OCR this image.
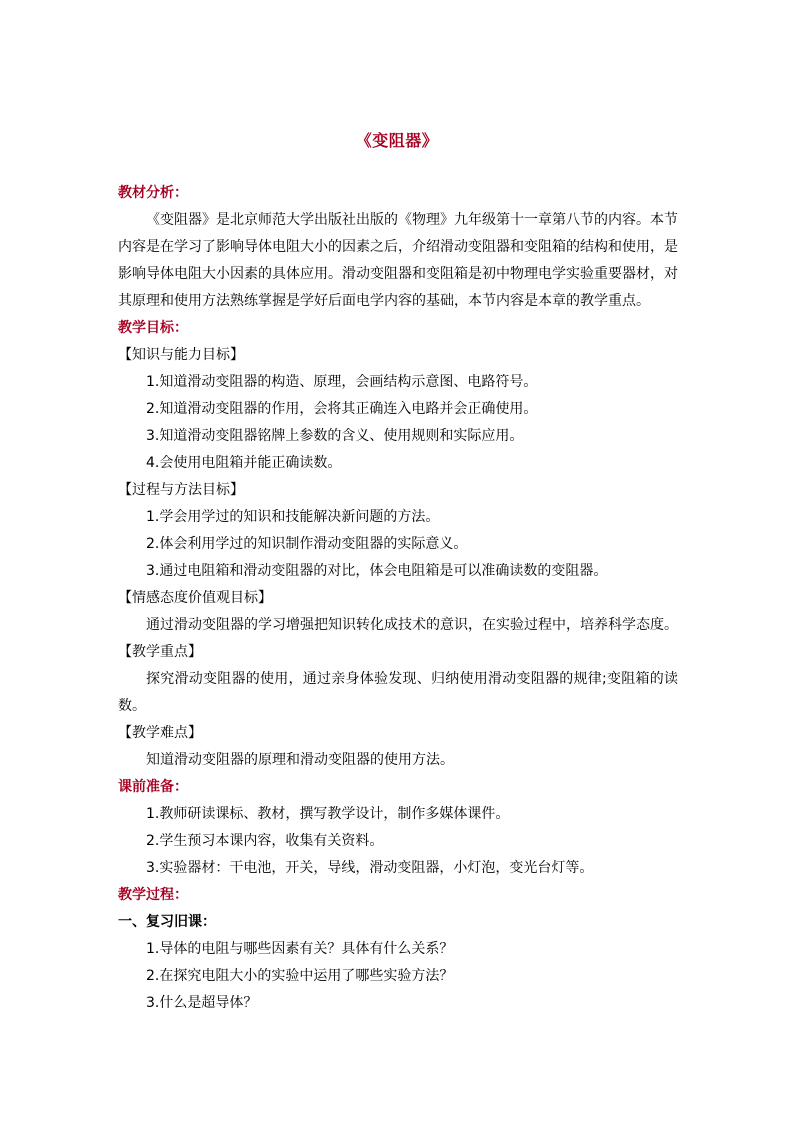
《变阻器》
教材分析：
《变阻器》是北京师范大学出版社出版的《物理》九年级第十一章第八节的内容。本节内容是在学习了影响导体电阻大小的因素之后，介绍滑动变阻器和变阻箱的结构和使用，是影响导体电阻大小因素的具体应用。滑动变阻器和变阻箱是初中物理电学实验重要器材，对其原理和使用方法熟练掌握是学好后面电学内容的基础，本节内容是本章的教学重点。
教学目标：
【知识与能力目标】
1.知道滑动变阻器的构造、原理，会画结构示意图、电路符号。
2.知道滑动变阻器的作用，会将其正确连入电路并会正确使用。
3.知道滑动变阻器铭牌上参数的含义、使用规则和实际应用。
4.会使用电阻箱并能正确读数。
【过程与方法目标】
1.学会用学过的知识和技能解决新问题的方法。
2.体会利用学过的知识制作滑动变阻器的实际意义。
3.通过电阻箱和滑动变阻器的对比，体会电阻箱是可以准确读数的变阻器。
【情感态度价值观目标】
通过滑动变阻器的学习增强把知识转化成技术的意识，在实验过程中，培养科学态度。
【教学重点】
探究滑动变阻器的使用，通过亲身体验发现、归纳使用滑动变阻器的规律;变阻箱的读数。
【教学难点】
知道滑动变阻器的原理和滑动变阻器的使用方法。
课前准备：
1.教师研读课标、教材，撰写教学设计，制作多媒体课件。
2.学生预习本课内容，收集有关资料。
3.实验器材：干电池，开关，导线，滑动变阻器，小灯泡，变光台灯等。
教学过程：
一、复习旧课：
1.导体的电阻与哪些因素有关？具体有什么关系？
2.在探究电阻大小的实验中运用了哪些实验方法？
3.什么是超导体？
